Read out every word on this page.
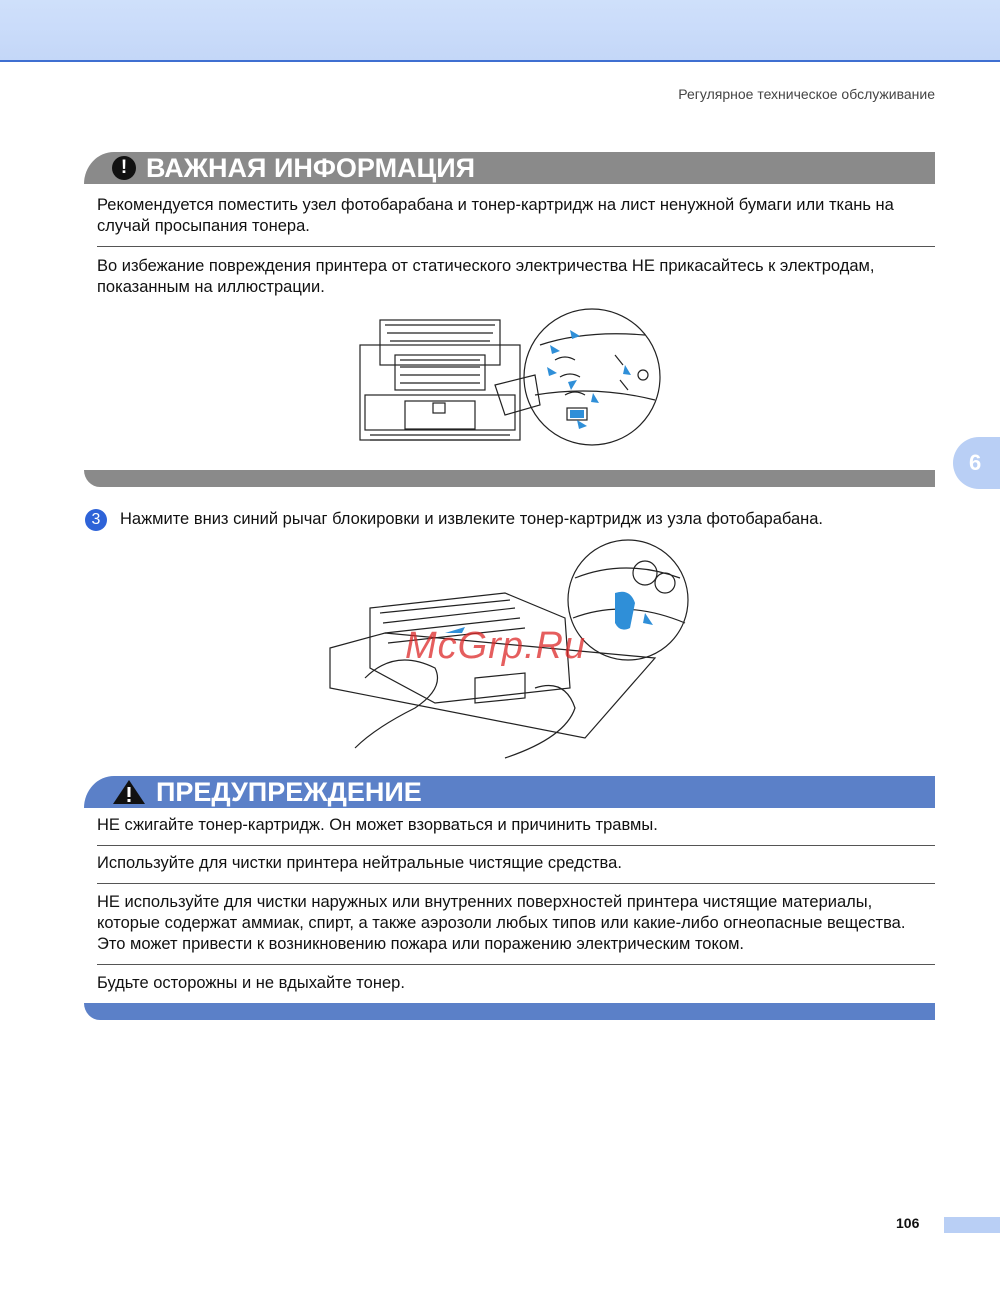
Регулярное техническое обслуживание
! ВАЖНАЯ ИНФОРМАЦИЯ
Рекомендуется поместить узел фотобарабана и тонер-картридж на лист ненужной бумаги или ткань на случай просыпания тонера.
Во избежание повреждения принтера от статического электричества НЕ прикасайтесь к электродам, показанным на иллюстрации.
6
3	Нажмите вниз синий рычаг блокировки и извлеките тонер-картридж из узла фотобарабана.
McGrp.Ru
ПРЕДУПРЕЖДЕНИЕ
НЕ сжигайте тонер-картридж. Он может взорваться и причинить травмы.
Используйте для чистки принтера нейтральные чистящие средства.
НЕ используйте для чистки наружных или внутренних поверхностей принтера чистящие материалы, которые содержат аммиак, спирт, а также аэрозоли любых типов или какие-либо огнеопасные вещества. Это может привести к возникновению пожара или поражению электрическим током.
Будьте осторожны и не вдыхайте тонер.
106
